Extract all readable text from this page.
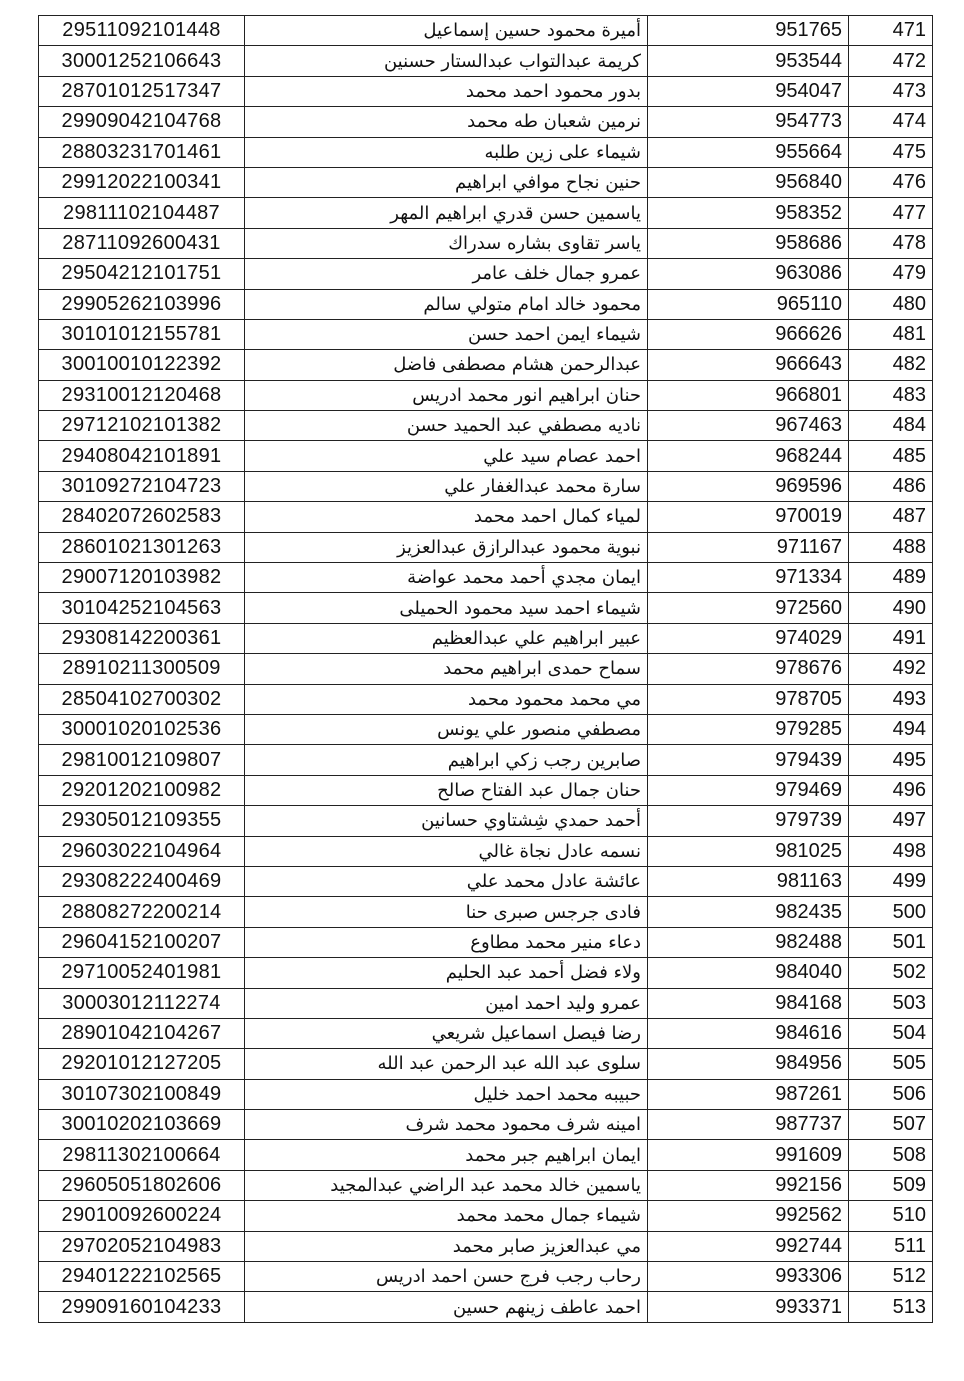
29511092101448	أميرة محمود حسين إسماعيل	951765	471
30001252106643	كريمة عبدالتواب عبدالستار حسنين	953544	472
28701012517347	بدور محمود احمد محمد	954047	473
29909042104768	نرمين شعبان طه محمد	954773	474
28803231701461	شيماء على زين طلبه	955664	475
29912022100341	حنين نجاح موافي ابراهيم	956840	476
29811102104487	ياسمين حسن قدري ابراهيم المهر	958352	477
28711092600431	ياسر تقاوى بشاره سدراك	958686	478
29504212101751	عمرو جمال خلف عامر	963086	479
29905262103996	محمود خالد امام متولي سالم	965110	480
30101012155781	شيماء ايمن احمد حسن	966626	481
30010010122392	عبدالرحمن هشام مصطفى فاضل	966643	482
29310012120468	حنان ابراهيم انور محمد ادريس	966801	483
29712102101382	ناديه مصطفي عبد الحميد حسن	967463	484
29408042101891	احمد عصام سيد علي	968244	485
30109272104723	سارة محمد عبدالغفار علي	969596	486
28402072602583	لمياء كمال احمد محمد	970019	487
28601021301263	نبوية محمود عبدالرازق عبدالعزيز	971167	488
29007120103982	ايمان مجدي أحمد محمد عواضة	971334	489
30104252104563	شيماء احمد سيد محمود الحميلى	972560	490
29308142200361	عبير ابراهيم علي عبدالعظيم	974029	491
28910211300509	سماح حمدى ابراهيم محمد	978676	492
28504102700302	مي محمد محمود محمد	978705	493
30001020102536	مصطفي منصور علي يونس	979285	494
29810012109807	صابرين رجب زكي ابراهيم	979439	495
29201202100982	حنان جمال عبد الفتاح صالح	979469	496
29305012109355	أحمد حمدي شِشتاوي حسانين	979739	497
29603022104964	نسمه عادل نجاة غالي	981025	498
29308222400469	عائشة عادل محمد علي	981163	499
28808272200214	فادى جرجس صبرى حنا	982435	500
29604152100207	دعاء منير محمد مطاوع	982488	501
29710052401981	ولاء فضل أحمد عبد الحليم	984040	502
30003012112274	عمرو وليد احمد امين	984168	503
28901042104267	رضا فيصل اسماعيل شريعي	984616	504
29201012127205	سلوى عبد الله عبد الرحمن عبد الله	984956	505
30107302100849	حبيبه محمد احمد خليل	987261	506
30010202103669	امينه شرف محمود محمد شرف	987737	507
29811302100664	ايمان ابراهيم جبر محمد	991609	508
29605051802606	ياسمين خالد محمد عبد الراضي عبدالمجيد	992156	509
29010092600224	شيماء جمال محمد محمد	992562	510
29702052104983	مي عبدالعزيز صابر محمد	992744	511
29401222102565	رحاب رجب فرج حسن احمد ادريس	993306	512
29909160104233	احمد عاطف زينهم حسين	993371	513
